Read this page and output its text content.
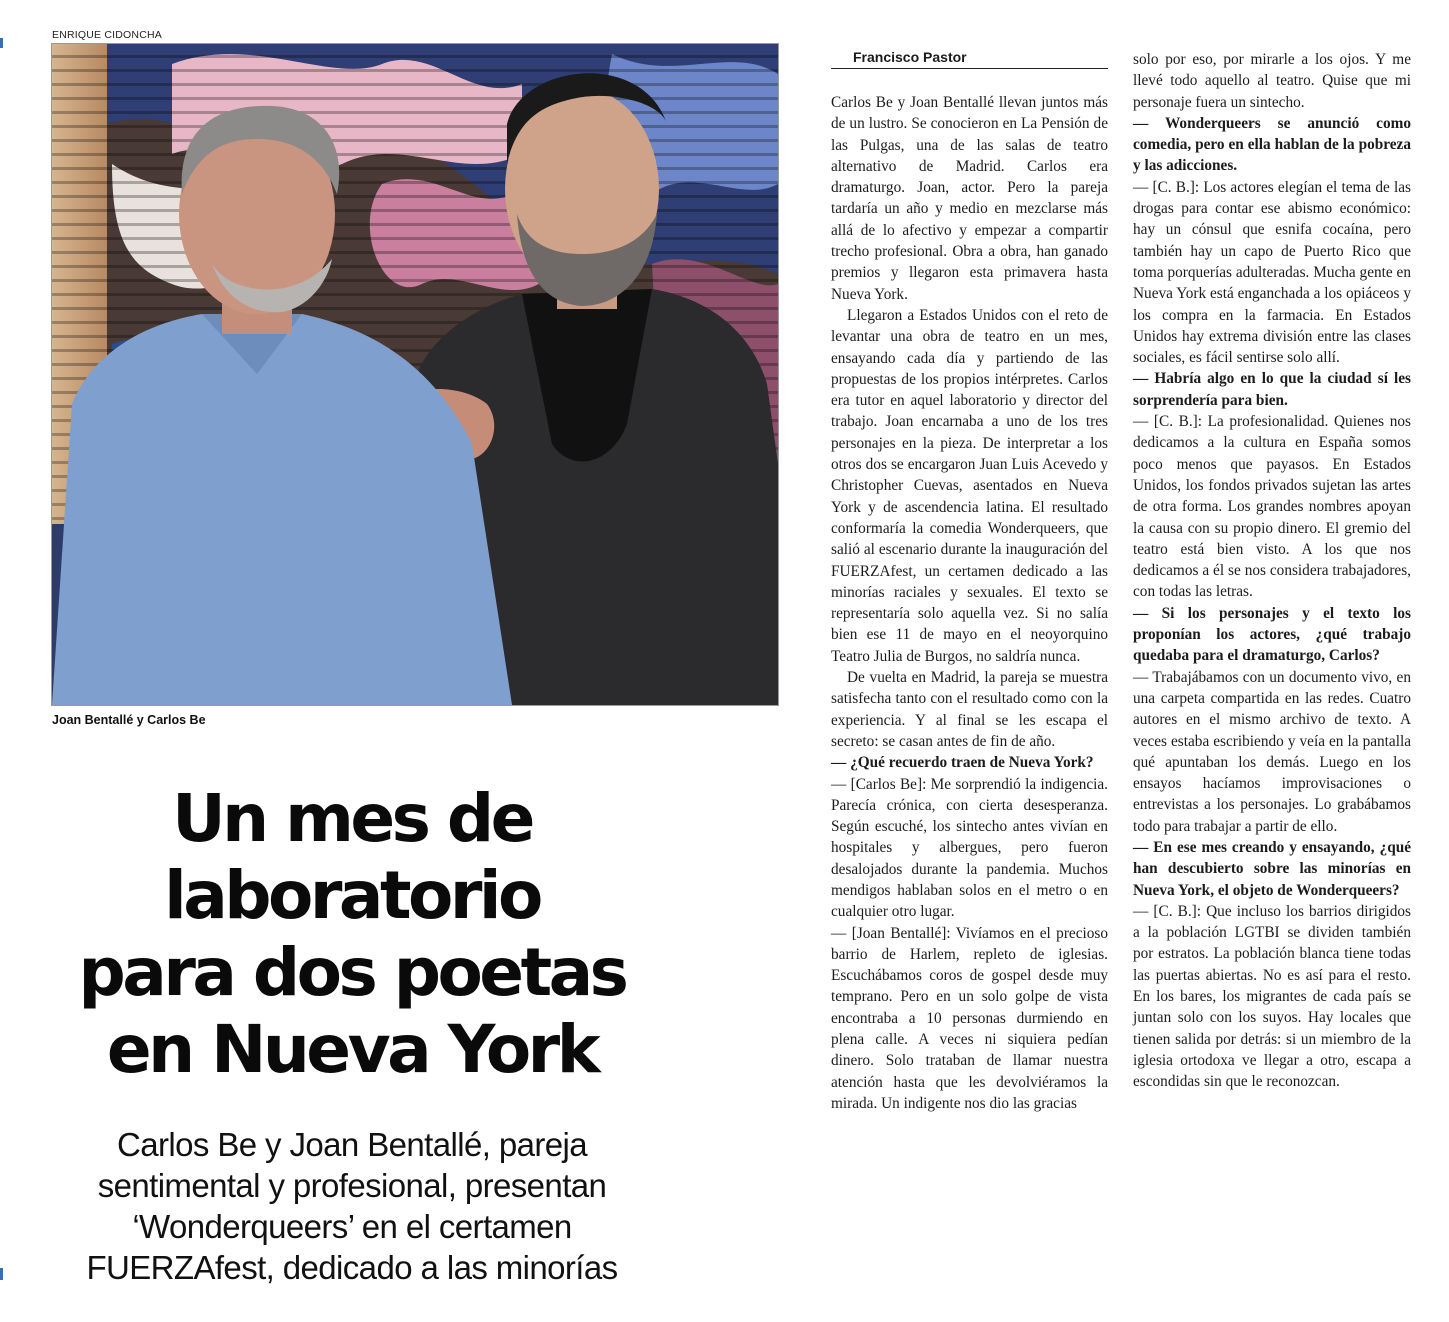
ENRIQUE CIDONCHA
Joan Bentallé y Carlos Be
Un mes de
laboratorio
para dos poetas
en Nueva York
Carlos Be y Joan Bentallé, pareja
sentimental y profesional, presentan
‘Wonderqueers’ en el certamen
FUERZAfest, dedicado a las minorías
Francisco Pastor

Carlos Be y Joan Bentallé llevan juntos más de un lustro. Se conocieron en La Pensión de las Pulgas, una de las salas de teatro alternativo de Madrid. Carlos era dramaturgo. Joan, actor. Pero la pareja tardaría un año y medio en mezclarse más allá de lo afectivo y empezar a compartir trecho profesional. Obra a obra, han ganado premios y llegaron esta primavera hasta Nueva York.

Llegaron a Estados Unidos con el reto de levantar una obra de teatro en un mes, ensayando cada día y partiendo de las propuestas de los propios intérpretes. Carlos era tutor en aquel laboratorio y director del trabajo. Joan encarnaba a uno de los tres personajes en la pieza. De interpretar a los otros dos se encargaron Juan Luis Acevedo y Christopher Cuevas, asentados en Nueva York y de ascendencia latina. El resultado conformaría la comedia Wonderqueers, que salió al escenario durante la inauguración del FUERZAfest, un certamen dedicado a las minorías raciales y sexuales. El texto se representaría solo aquella vez. Si no salía bien ese 11 de mayo en el neoyorquino Teatro Julia de Burgos, no saldría nunca.

De vuelta en Madrid, la pareja se muestra satisfecha tanto con el resultado como con la experiencia. Y al final se les escapa el secreto: se casan antes de fin de año.

— ¿Qué recuerdo traen de Nueva York?

— [Carlos Be]: Me sorprendió la indigencia. Parecía crónica, con cierta desesperanza. Según escuché, los sintecho antes vivían en hospitales y albergues, pero fueron desalojados durante la pandemia. Muchos mendigos hablaban solos en el metro o en cualquier otro lugar.

— [Joan Bentallé]: Vivíamos en el precioso barrio de Harlem, repleto de iglesias. Escuchábamos coros de gospel desde muy temprano. Pero en un solo golpe de vista encontraba a 10 personas durmiendo en plena calle. A veces ni siquiera pedían dinero. Solo trataban de llamar nuestra atención hasta que les devolviéramos la mirada. Un indigente nos dio las gracias

solo por eso, por mirarle a los ojos. Y me llevé todo aquello al teatro. Quise que mi personaje fuera un sintecho.

— Wonderqueers se anunció como comedia, pero en ella hablan de la pobreza y las adicciones.

— [C. B.]: Los actores elegían el tema de las drogas para contar ese abismo económico: hay un cónsul que esnifa cocaína, pero también hay un capo de Puerto Rico que toma porquerías adulteradas. Mucha gente en Nueva York está enganchada a los opiáceos y los compra en la farmacia. En Estados Unidos hay extrema división entre las clases sociales, es fácil sentirse solo allí.

— Habría algo en lo que la ciudad sí les sorprendería para bien.

— [C. B.]: La profesionalidad. Quienes nos dedicamos a la cultura en España somos poco menos que payasos. En Estados Unidos, los fondos privados sujetan las artes de otra forma. Los grandes nombres apoyan la causa con su propio dinero. El gremio del teatro está bien visto. A los que nos dedicamos a él se nos considera trabajadores, con todas las letras.

— Si los personajes y el texto los proponían los actores, ¿qué trabajo quedaba para el dramaturgo, Carlos?

— Trabajábamos con un documento vivo, en una carpeta compartida en las redes. Cuatro autores en el mismo archivo de texto. A veces estaba escribiendo y veía en la pantalla qué apuntaban los demás. Luego en los ensayos hacíamos improvisaciones o entrevistas a los personajes. Lo grabábamos todo para trabajar a partir de ello.

— En ese mes creando y ensayando, ¿qué han descubierto sobre las minorías en Nueva York, el objeto de Wonderqueers?

— [C. B.]: Que incluso los barrios dirigidos a la población LGTBI se dividen también por estratos. La población blanca tiene todas las puertas abiertas. No es así para el resto. En los bares, los migrantes de cada país se juntan solo con los suyos. Hay locales que tienen salida por detrás: si un miembro de la iglesia ortodoxa ve llegar a otro, escapa a escondidas sin que le reconozcan.
